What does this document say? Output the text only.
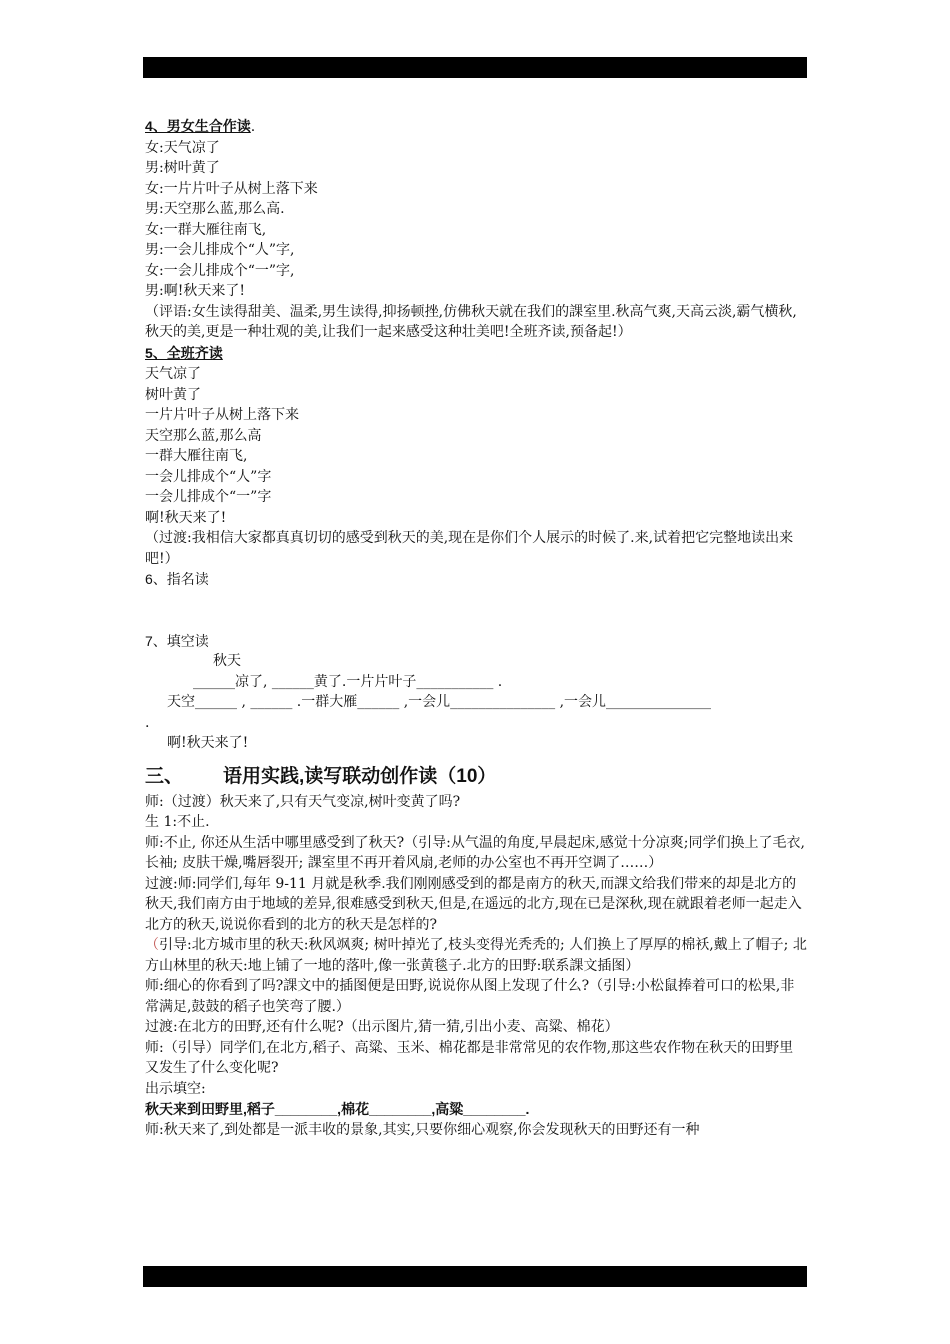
4、男女生合作读.

女:天气凉了

男:树叶黄了

女:一片片叶子从树上落下来

男:天空那么蓝,那么高.

女:一群大雁往南飞,

男:一会儿排成个“人”字,

女:一会儿排成个“一”字,

男:啊!秋天来了!

（评语:女生读得甜美、温柔,男生读得,抑扬顿挫,仿佛秋天就在我们的課室里.秋高气爽,天高云淡,霸气横秋,秋天的美,更是一种壮观的美,让我们一起来感受这种壮美吧!全班齐读,预备起!）

5、全班齐读

天气凉了

树叶黄了

一片片叶子从树上落下来

天空那么蓝,那么高

一群大雁往南飞,

一会儿排成个“人”字

一会儿排成个“一”字

啊!秋天来了!

（过渡:我相信大家都真真切切的感受到秋天的美,现在是你们个人展示的时候了.来,试着把它完整地读出来吧!）

6、指名读

7、填空读

秋天

______凉了, ______黄了.一片片叶子___________ .

天空______ , ______ .一群大雁______ ,一会儿_______________ ,一会儿_______________

.

啊!秋天来了!

三、 语用实践,读写联动创作读（10）

师:（过渡）秋天来了,只有天气变凉,树叶变黄了吗?

生 1:不止.

师:不止, 你还从生活中哪里感受到了秋天?（引导:从气温的角度,早晨起床,感觉十分凉爽;同学们换上了毛衣,长袖; 皮肤干燥,嘴唇裂开; 課室里不再开着风扇,老师的办公室也不再开空调了……）

过渡:师:同学们,每年 9-11 月就是秋季.我们刚刚感受到的都是南方的秋天,而課文给我们带来的却是北方的秋天,我们南方由于地域的差异,很难感受到秋天,但是,在遥远的北方,现在已是深秋,现在就跟着老师一起走入北方的秋天,说说你看到的北方的秋天是怎样的?

（引导:北方城市里的秋天:秋风飒爽; 树叶掉光了,枝头变得光秃秃的; 人们换上了厚厚的棉袄,戴上了帽子; 北方山林里的秋天:地上铺了一地的落叶,像一张黄毯子.北方的田野:联系課文插图）

师:细心的你看到了吗?課文中的插图便是田野,说说你从图上发现了什么?（引导:小松鼠捧着可口的松果,非常满足,鼓鼓的稻子也笑弯了腰.）

过渡:在北方的田野,还有什么呢?（出示图片,猜一猜,引出小麦、高粱、棉花）

师:（引导）同学们,在北方,稻子、高粱、玉米、棉花都是非常常见的农作物,那这些农作物在秋天的田野里又发生了什么变化呢?

出示填空:

秋天来到田野里,稻子________,棉花________,高粱________.

师:秋天来了,到处都是一派丰收的景象,其实,只要你细心观察,你会发现秋天的田野还有一种
